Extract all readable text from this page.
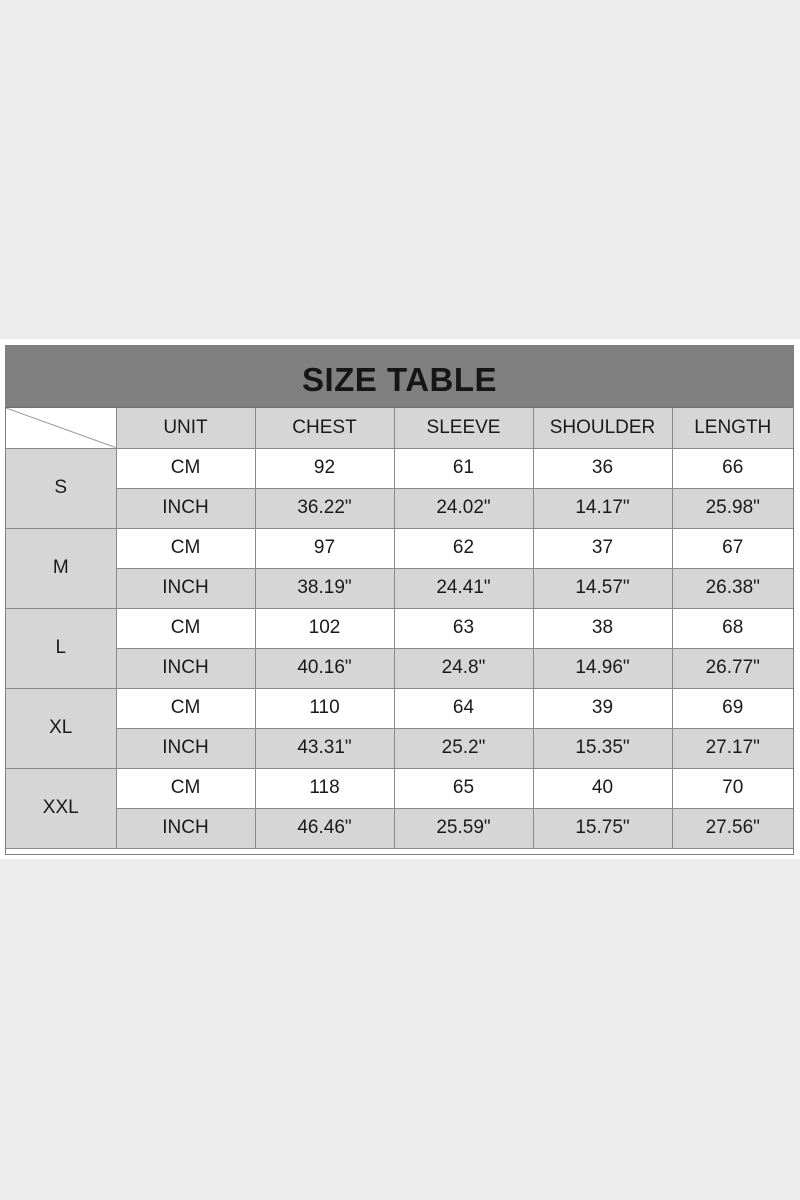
SIZE TABLE
	UNIT	CHEST	SLEEVE	SHOULDER	LENGTH
S	CM	92	61	36	66
	INCH	36.22"	24.02"	14.17"	25.98"
M	CM	97	62	37	67
	INCH	38.19"	24.41"	14.57"	26.38"
L	CM	102	63	38	68
	INCH	40.16"	24.8"	14.96"	26.77"
XL	CM	110	64	39	69
	INCH	43.31"	25.2"	15.35"	27.17"
XXL	CM	118	65	40	70
	INCH	46.46"	25.59"	15.75"	27.56"
